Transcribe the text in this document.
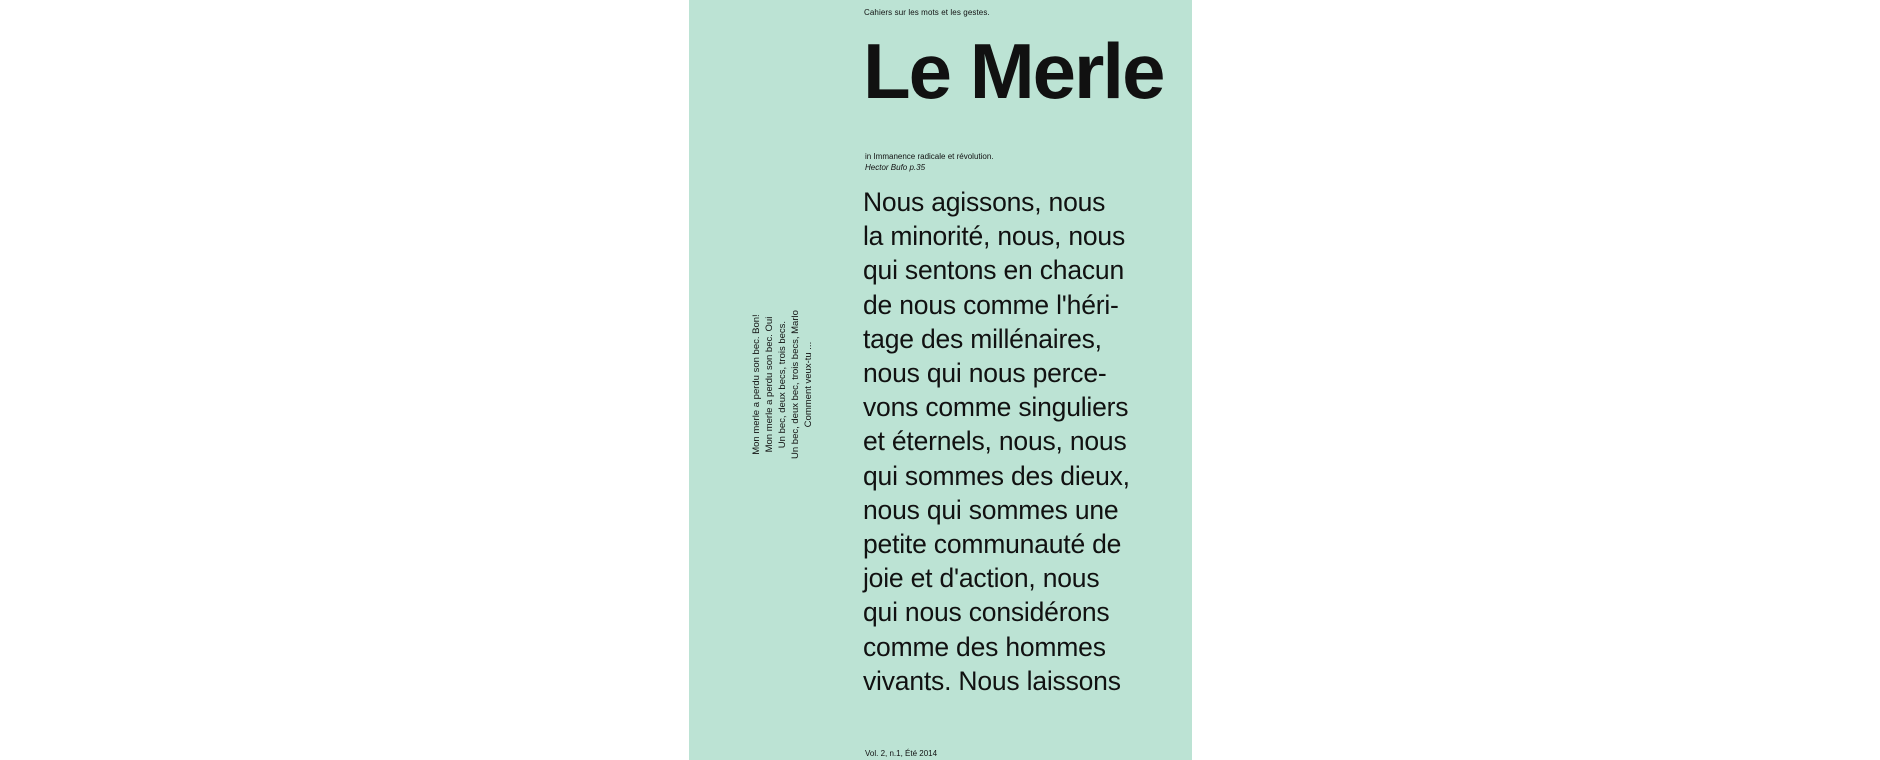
Cahiers sur les mots et les gestes.
Le Merle
in Immanence radicale et révolution.
Hector Bufo p.35
Nous agissons, nous
la minorité, nous, nous
qui sentons en chacun
de nous comme l'héri-
tage des millénaires,
nous qui nous perce-
vons comme singuliers
et éternels, nous, nous
qui sommes des dieux,
nous qui sommes une
petite communauté de
joie et d'action, nous
qui nous considérons
comme des hommes
vivants. Nous laissons
Mon merle a perdu son bec. Bon! Mon merle a perdu son bec. Oui Un bec, deux becs, trois becs. Un bec, deux bec, trois becs, Marlo Comment veux-tu ...
Vol. 2, n.1, Été 2014
